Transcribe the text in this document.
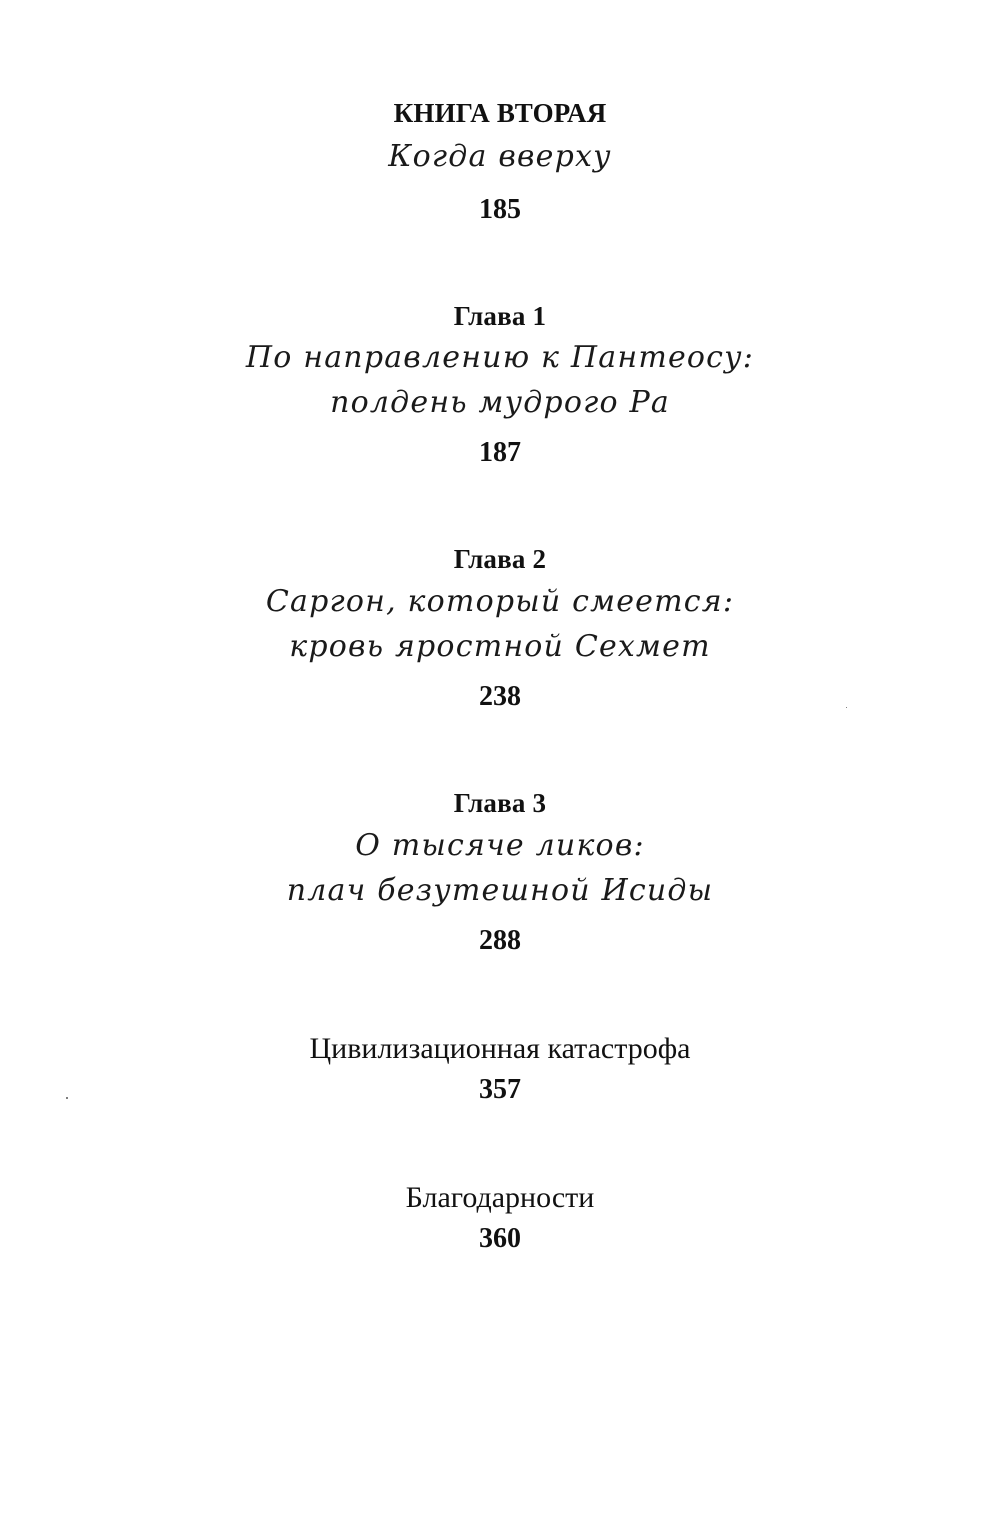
КНИГА ВТОРАЯ
Когда вверху
185
Глава 1
По направлению к Пантеосу:
полдень мудрого Ра
187
Глава 2
Саргон, который смеется:
кровь яростной Сехмет
238
Глава 3
О тысяче ликов:
плач безутешной Исиды
288
Цивилизационная катастрофа
357
Благодарности
360
